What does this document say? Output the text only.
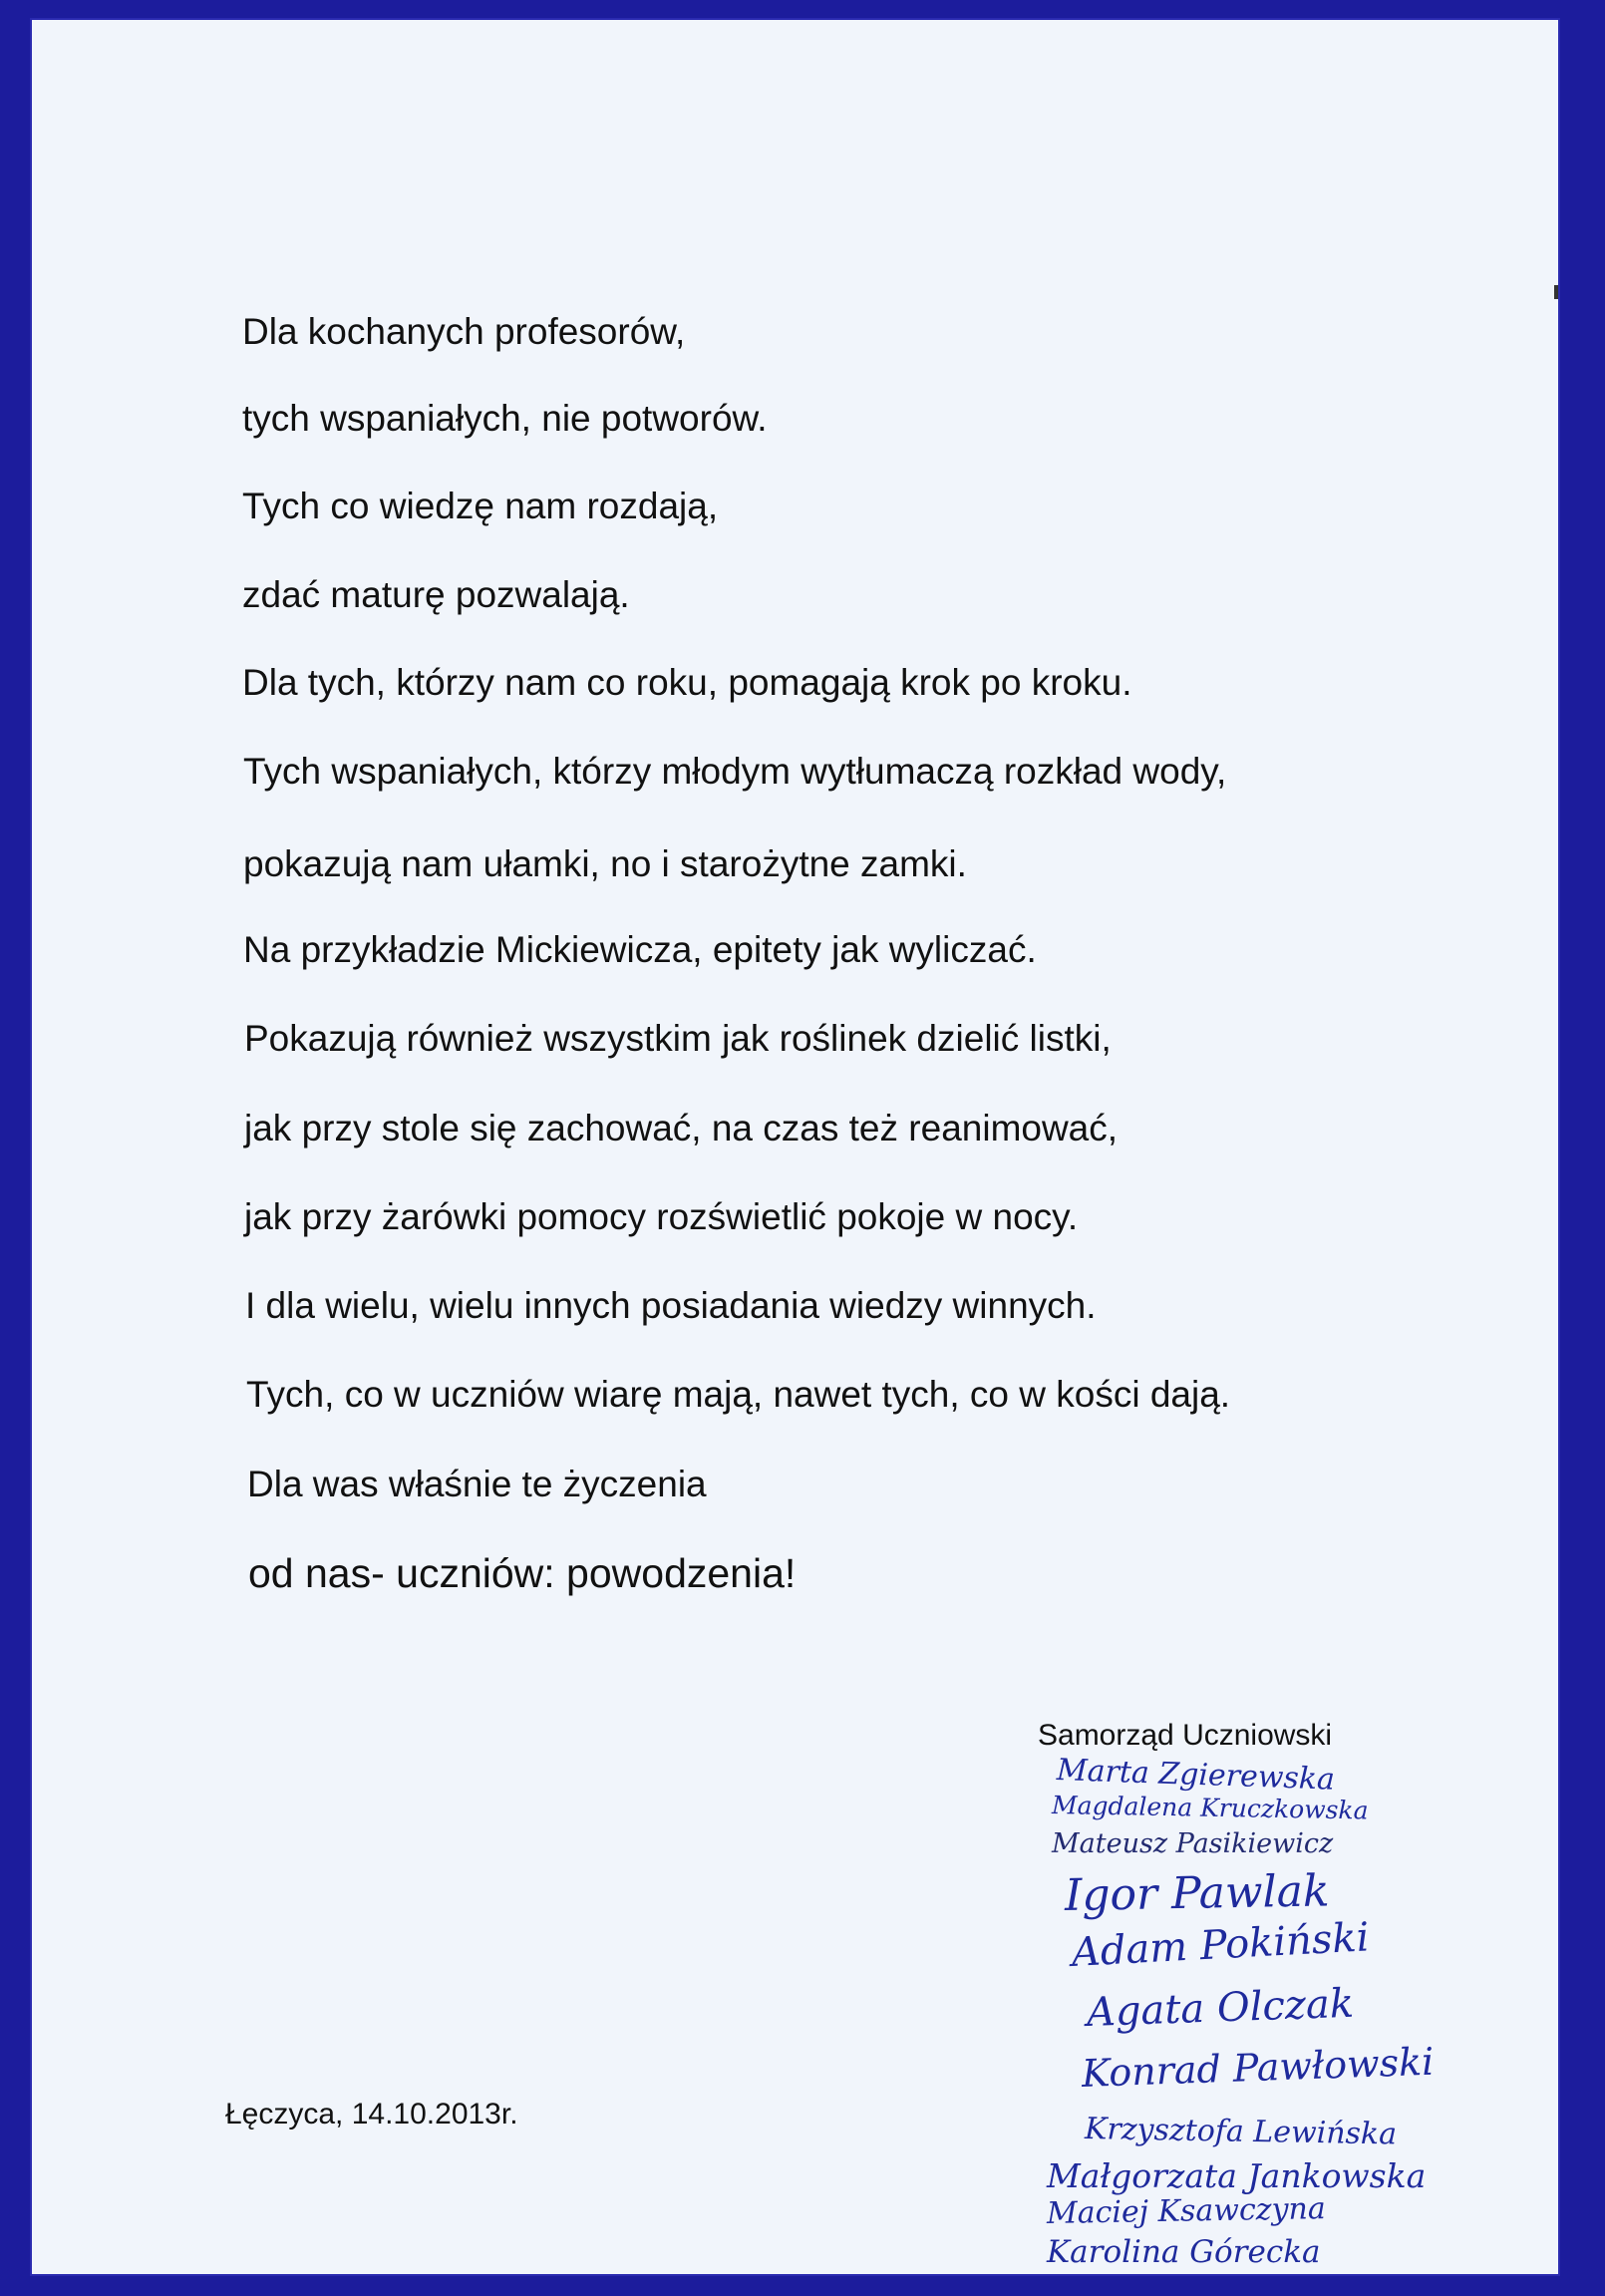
Dla kochanych profesorów,

tych wspaniałych, nie potworów.

Tych co wiedzę nam rozdają,

zdać maturę pozwalają.

Dla tych, którzy nam co roku, pomagają krok po kroku.

Tych wspaniałych, którzy młodym wytłumaczą rozkład wody,

pokazują nam ułamki, no i starożytne zamki.

Na przykładzie Mickiewicza, epitety jak wyliczać.

Pokazują również wszystkim jak roślinek dzielić listki,

jak przy stole się zachować, na czas też reanimować,

jak przy żarówki pomocy rozświetlić pokoje w nocy.

I dla wielu, wielu innych posiadania wiedzy winnych.

Tych, co w uczniów wiarę mają, nawet tych, co w kości dają.

Dla was właśnie te życzenia

od nas- uczniów: powodzenia!

Samorząd Uczniowski
Marta Zgierewska
Magdalena Kruczkowska
Mateusz Pasikiewicz
Igor Pawlak
Adam Pokiński
Agata Olczak
Konrad Pawłowski
Krzysztofa Lewińska
Małgorzata Jankowska
Maciej Ksawczyna
Karolina Górecka
Łęczyca, 14.10.2013r.
